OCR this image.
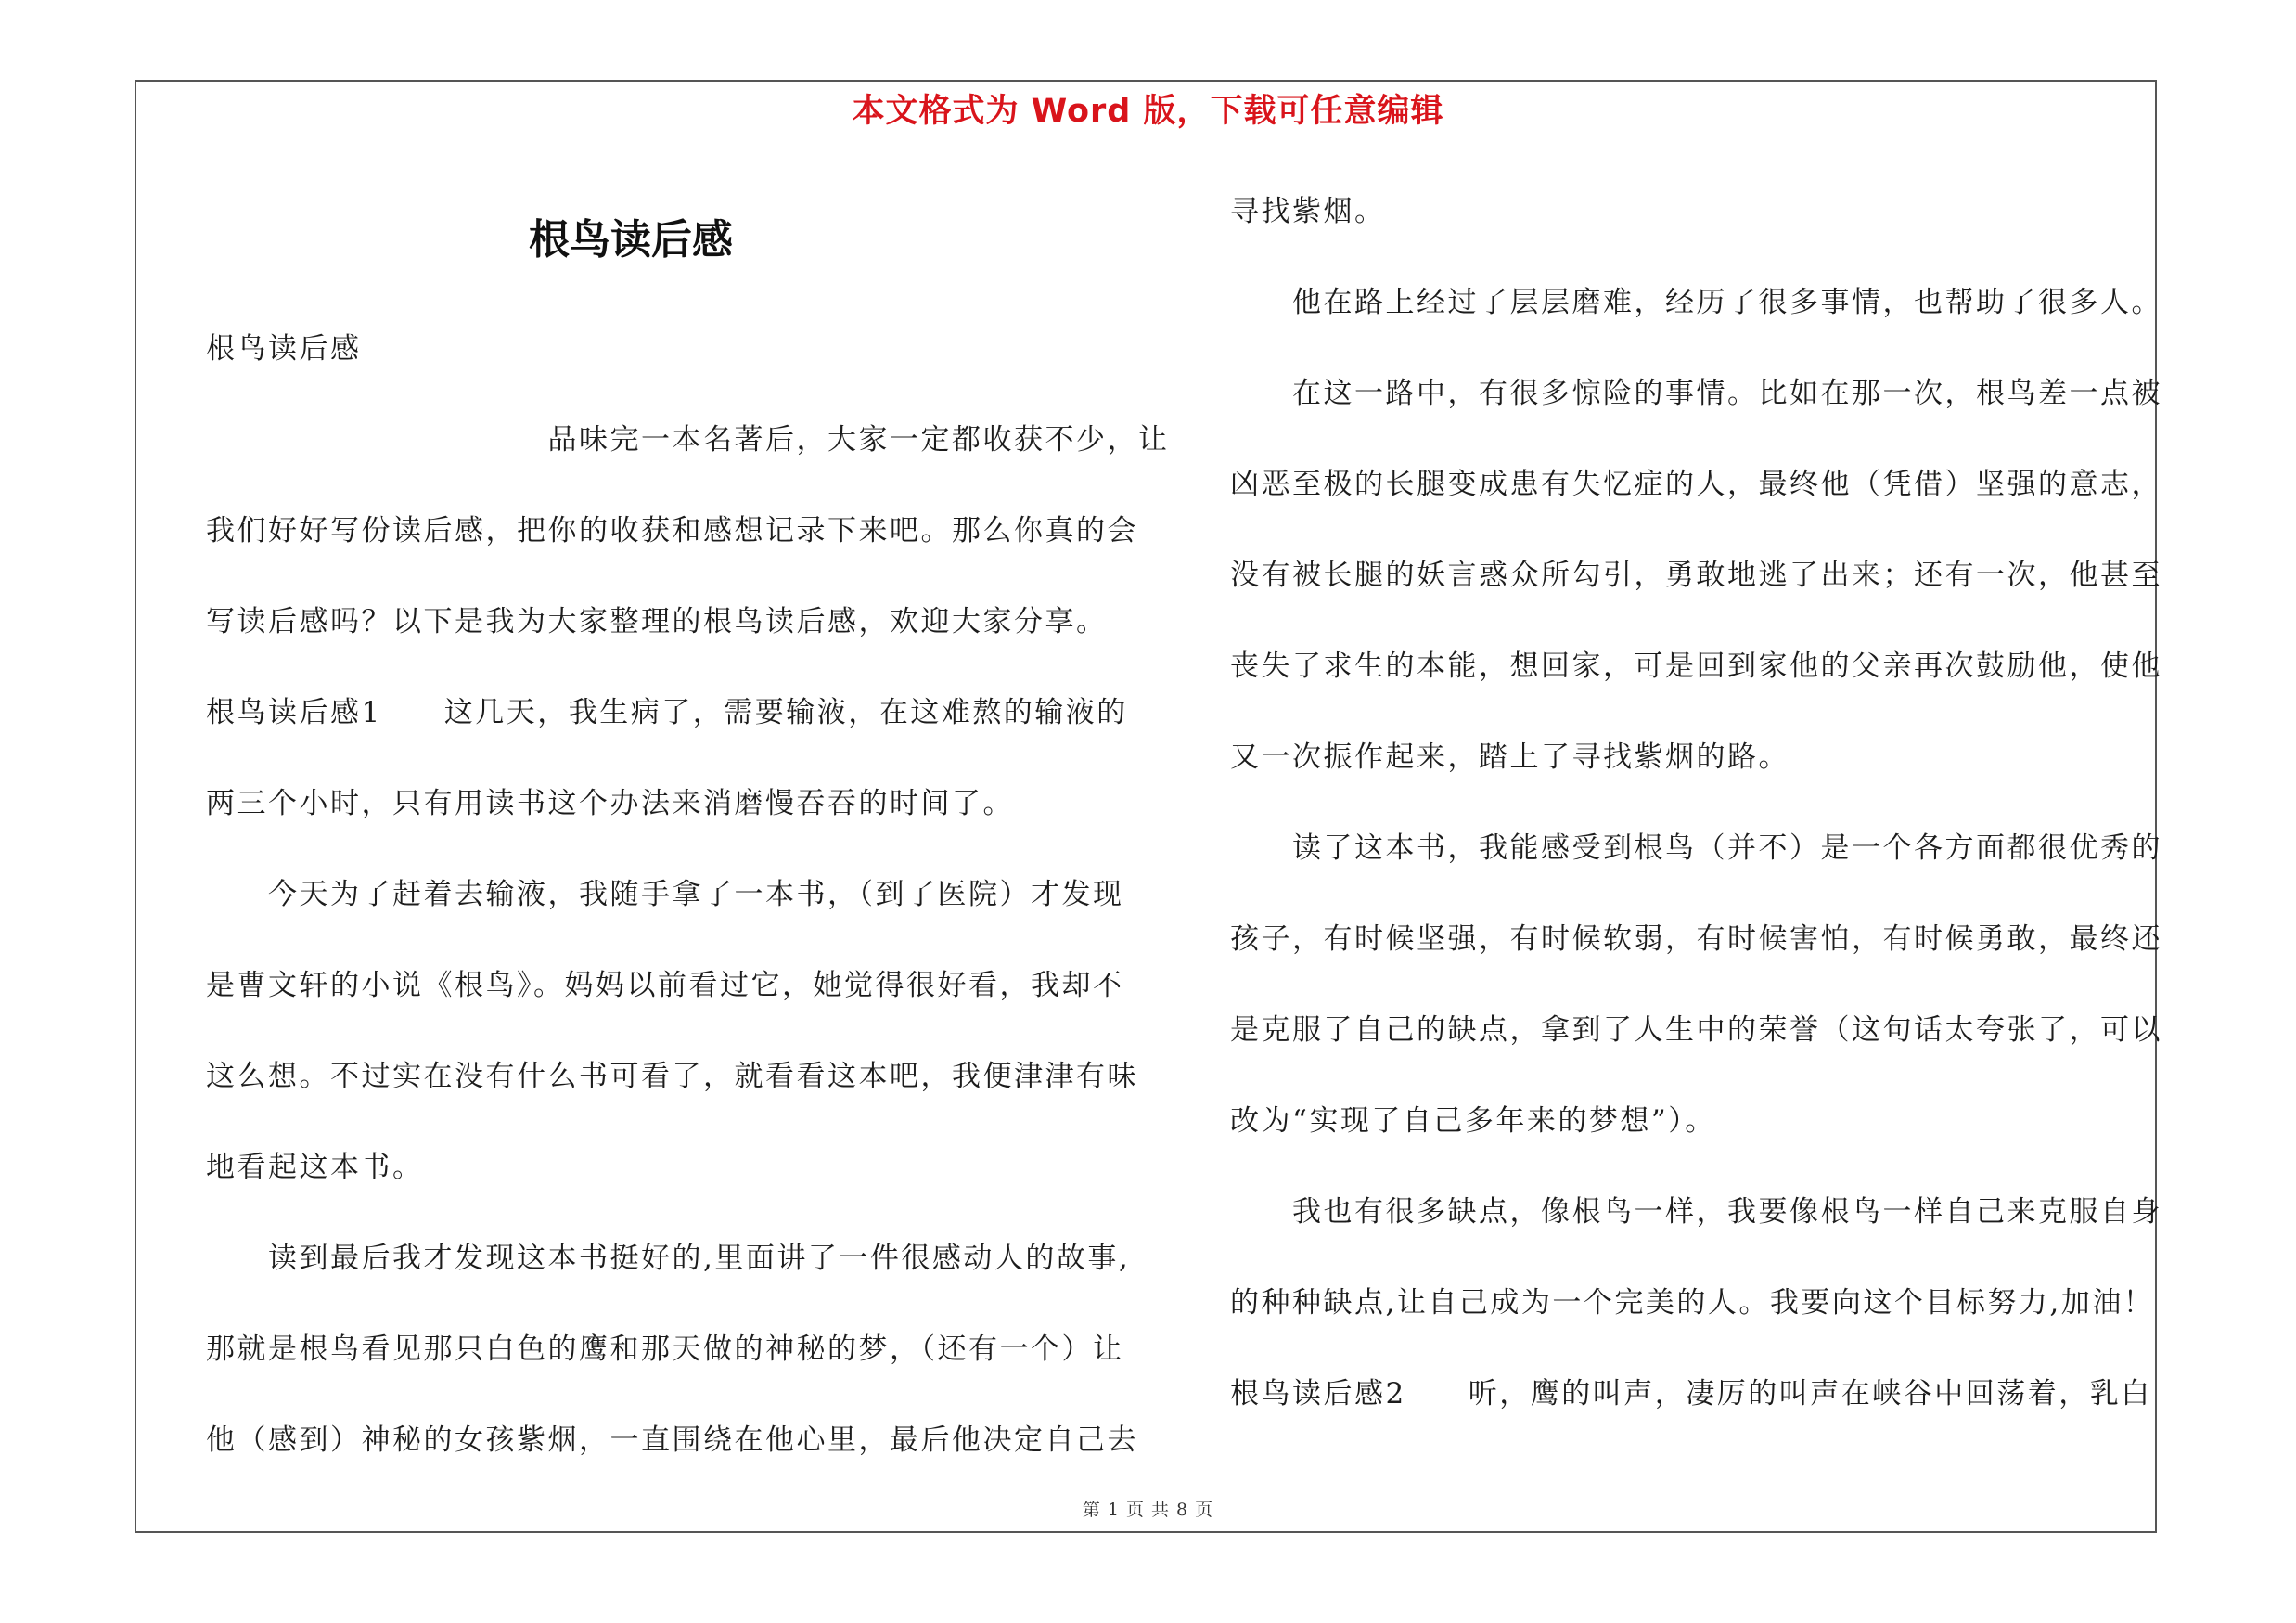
本文格式为 Word 版，下载可任意编辑
根鸟读后感
根鸟读后感
　　　　　　　　　　　品味完一本名著后，大家一定都收获不少，让
我们好好写份读后感，把你的收获和感想记录下来吧。那么你真的会
写读后感吗？以下是我为大家整理的根鸟读后感，欢迎大家分享。
根鸟读后感1　　这几天，我生病了，需要输液，在这难熬的输液的
两三个小时，只有用读书这个办法来消磨慢吞吞的时间了。
　　今天为了赶着去输液，我随手拿了一本书，（到了医院）才发现
是曹文轩的小说《根鸟》。妈妈以前看过它，她觉得很好看，我却不
这么想。不过实在没有什么书可看了，就看看这本吧，我便津津有味
地看起这本书。
　　读到最后我才发现这本书挺好的,里面讲了一件很感动人的故事,
那就是根鸟看见那只白色的鹰和那天做的神秘的梦，（还有一个）让
他（感到）神秘的女孩紫烟，一直围绕在他心里，最后他决定自己去
寻找紫烟。
　　他在路上经过了层层磨难，经历了很多事情，也帮助了很多人。
　　在这一路中，有很多惊险的事情。比如在那一次，根鸟差一点被
凶恶至极的长腿变成患有失忆症的人，最终他（凭借）坚强的意志，
没有被长腿的妖言惑众所勾引，勇敢地逃了出来；还有一次，他甚至
丧失了求生的本能，想回家，可是回到家他的父亲再次鼓励他，使他
又一次振作起来，踏上了寻找紫烟的路。
　　读了这本书，我能感受到根鸟（并不）是一个各方面都很优秀的
孩子，有时候坚强，有时候软弱，有时候害怕，有时候勇敢，最终还
是克服了自己的缺点，拿到了人生中的荣誉（这句话太夸张了，可以
改为“实现了自己多年来的梦想”）。
　　我也有很多缺点，像根鸟一样，我要像根鸟一样自己来克服自身
的种种缺点,让自己成为一个完美的人。我要向这个目标努力,加油！
根鸟读后感2　　听，鹰的叫声，凄厉的叫声在峡谷中回荡着，乳白
第 1 页 共 8 页
